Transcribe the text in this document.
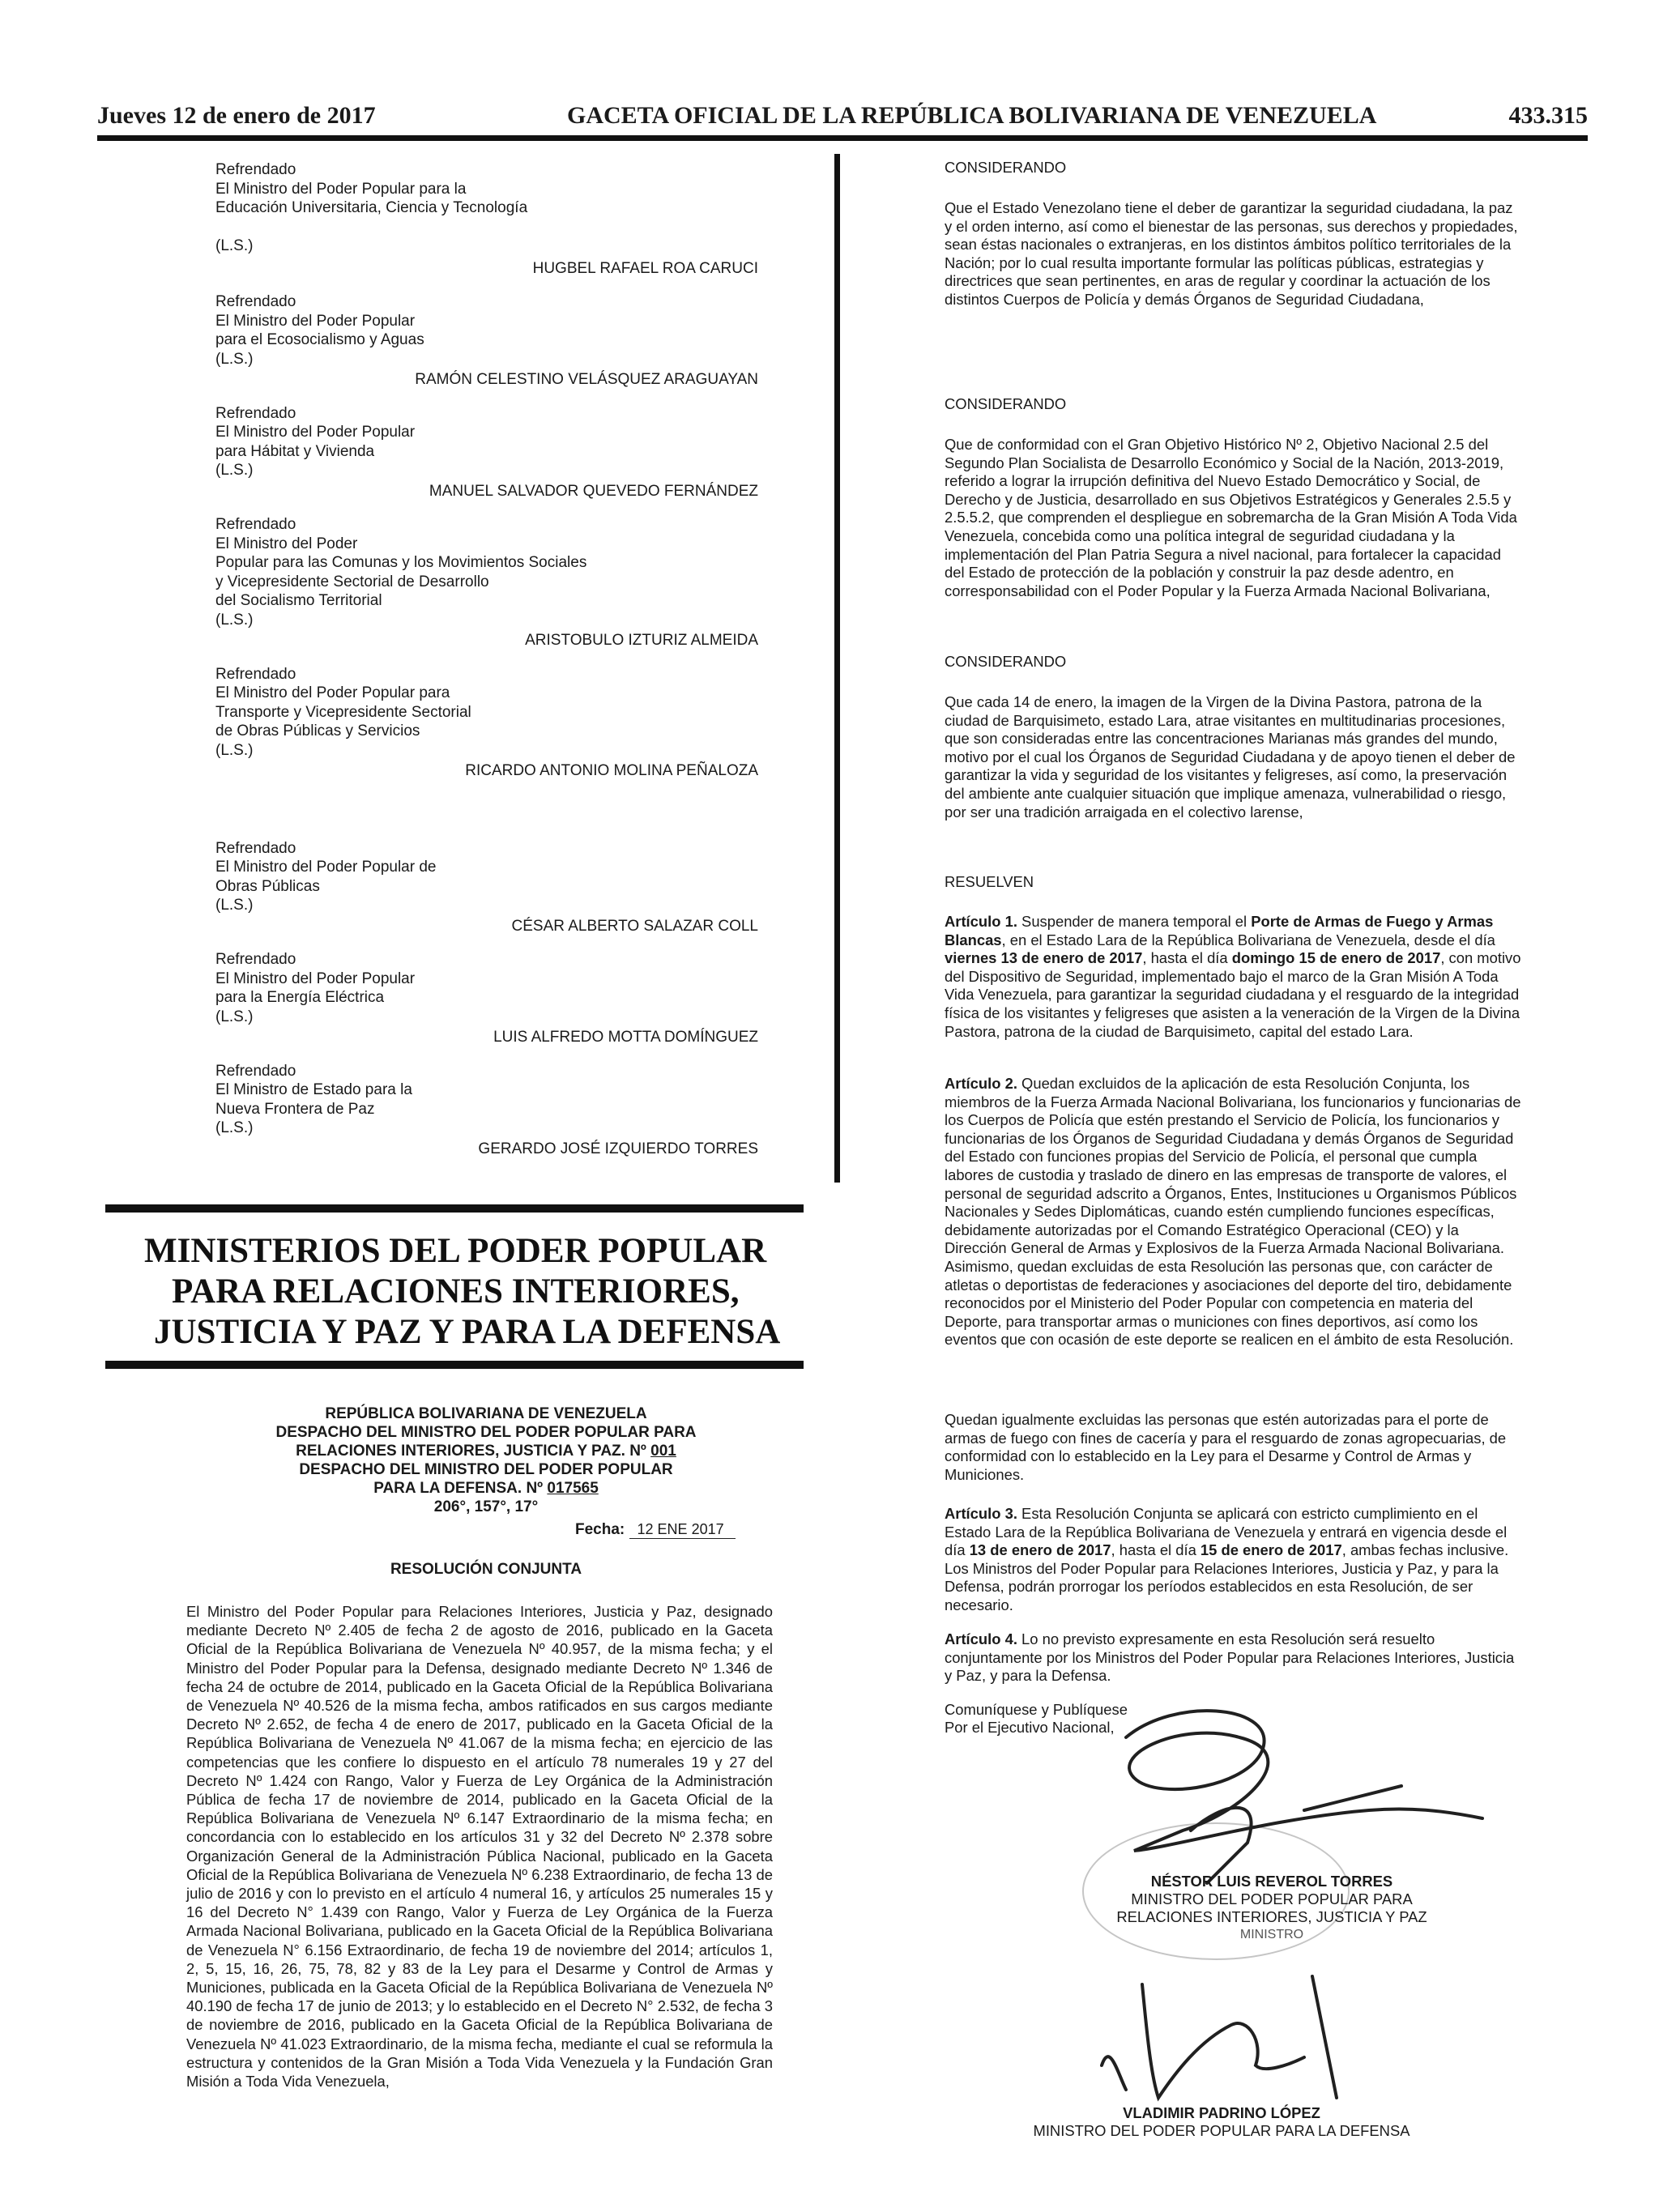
Jueves 12 de enero de 2017	GACETA OFICIAL DE LA REPÚBLICA BOLIVARIANA DE VENEZUELA	433.315
Refrendado
El Ministro del Poder Popular para la
Educación Universitaria, Ciencia y Tecnología
(L.S.)
HUGBEL RAFAEL ROA CARUCI
Refrendado
El Ministro del Poder Popular
para el Ecosocialismo y Aguas
(L.S.)
RAMÓN CELESTINO VELÁSQUEZ ARAGUAYAN
Refrendado
El Ministro del Poder Popular
para Hábitat y Vivienda
(L.S.)
MANUEL SALVADOR QUEVEDO FERNÁNDEZ
Refrendado
El Ministro del Poder
Popular para las Comunas y los Movimientos Sociales
y Vicepresidente Sectorial de Desarrollo
del Socialismo Territorial
(L.S.)
ARISTOBULO IZTURIZ ALMEIDA
Refrendado
El Ministro del Poder Popular para
Transporte y Vicepresidente Sectorial
de Obras Públicas y Servicios
(L.S.)
RICARDO ANTONIO MOLINA PEÑALOZA
Refrendado
El Ministro del Poder Popular de
Obras Públicas
(L.S.)
CÉSAR ALBERTO SALAZAR COLL
Refrendado
El Ministro del Poder Popular
para la Energía Eléctrica
(L.S.)
LUIS ALFREDO MOTTA DOMÍNGUEZ
Refrendado
El Ministro de Estado para la
Nueva Frontera de Paz
(L.S.)
GERARDO JOSÉ IZQUIERDO TORRES
MINISTERIOS DEL PODER POPULAR
PARA RELACIONES INTERIORES,
JUSTICIA Y PAZ Y PARA LA DEFENSA
REPÚBLICA BOLIVARIANA DE VENEZUELA
DESPACHO DEL MINISTRO DEL PODER POPULAR PARA
RELACIONES INTERIORES, JUSTICIA Y PAZ. Nº 001
DESPACHO DEL MINISTRO DEL PODER POPULAR
PARA LA DEFENSA. Nº 017565
206°, 157°, 17°
Fecha: 12 ENE 2017
RESOLUCIÓN CONJUNTA

El Ministro del Poder Popular para Relaciones Interiores, Justicia y Paz, designado mediante Decreto Nº 2.405 de fecha 2 de agosto de 2016, publicado en la Gaceta Oficial de la República Bolivariana de Venezuela Nº 40.957, de la misma fecha; y el Ministro del Poder Popular para la Defensa, designado mediante Decreto Nº 1.346 de fecha 24 de octubre de 2014, publicado en la Gaceta Oficial de la República Bolivariana de Venezuela Nº 40.526 de la misma fecha, ambos ratificados en sus cargos mediante Decreto Nº 2.652, de fecha 4 de enero de 2017, publicado en la Gaceta Oficial de la República Bolivariana de Venezuela Nº 41.067 de la misma fecha; en ejercicio de las competencias que les confiere lo dispuesto en el artículo 78 numerales 19 y 27 del Decreto Nº 1.424 con Rango, Valor y Fuerza de Ley Orgánica de la Administración Pública de fecha 17 de noviembre de 2014, publicado en la Gaceta Oficial de la República Bolivariana de Venezuela Nº 6.147 Extraordinario de la misma fecha; en concordancia con lo establecido en los artículos 31 y 32 del Decreto Nº 2.378 sobre Organización General de la Administración Pública Nacional, publicado en la Gaceta Oficial de la República Bolivariana de Venezuela Nº 6.238 Extraordinario, de fecha 13 de julio de 2016 y con lo previsto en el artículo 4 numeral 16, y artículos 25 numerales 15 y 16 del Decreto N° 1.439 con Rango, Valor y Fuerza de Ley Orgánica de la Fuerza Armada Nacional Bolivariana, publicado en la Gaceta Oficial de la República Bolivariana de Venezuela N° 6.156 Extraordinario, de fecha 19 de noviembre del 2014; artículos 1, 2, 5, 15, 16, 26, 75, 78, 82 y 83 de la Ley para el Desarme y Control de Armas y Municiones, publicada en la Gaceta Oficial de la República Bolivariana de Venezuela Nº 40.190 de fecha 17 de junio de 2013; y lo establecido en el Decreto N° 2.532, de fecha 3 de noviembre de 2016, publicado en la Gaceta Oficial de la República Bolivariana de Venezuela Nº 41.023 Extraordinario, de la misma fecha, mediante el cual se reformula la estructura y contenidos de la Gran Misión a Toda Vida Venezuela y la Fundación Gran Misión a Toda Vida Venezuela,

CONSIDERANDO

Que el Estado Venezolano tiene el deber de garantizar la seguridad ciudadana, la paz y el orden interno, así como el bienestar de las personas, sus derechos y propiedades, sean éstas nacionales o extranjeras, en los distintos ámbitos político territoriales de la Nación; por lo cual resulta importante formular las políticas públicas, estrategias y directrices que sean pertinentes, en aras de regular y coordinar la actuación de los distintos Cuerpos de Policía y demás Órganos de Seguridad Ciudadana,

CONSIDERANDO

Que de conformidad con el Gran Objetivo Histórico Nº 2, Objetivo Nacional 2.5 del Segundo Plan Socialista de Desarrollo Económico y Social de la Nación, 2013-2019, referido a lograr la irrupción definitiva del Nuevo Estado Democrático y Social, de Derecho y de Justicia, desarrollado en sus Objetivos Estratégicos y Generales 2.5.5 y 2.5.5.2, que comprenden el despliegue en sobremarcha de la Gran Misión A Toda Vida Venezuela, concebida como una política integral de seguridad ciudadana y la implementación del Plan Patria Segura a nivel nacional, para fortalecer la capacidad del Estado de protección de la población y construir la paz desde adentro, en corresponsabilidad con el Poder Popular y la Fuerza Armada Nacional Bolivariana,

CONSIDERANDO

Que cada 14 de enero, la imagen de la Virgen de la Divina Pastora, patrona de la ciudad de Barquisimeto, estado Lara, atrae visitantes en multitudinarias procesiones, que son consideradas entre las concentraciones Marianas más grandes del mundo, motivo por el cual los Órganos de Seguridad Ciudadana y de apoyo tienen el deber de garantizar la vida y seguridad de los visitantes y feligreses, así como, la preservación del ambiente ante cualquier situación que implique amenaza, vulnerabilidad o riesgo, por ser una tradición arraigada en el colectivo larense,

RESUELVEN

Artículo 1. Suspender de manera temporal el Porte de Armas de Fuego y Armas Blancas, en el Estado Lara de la República Bolivariana de Venezuela, desde el día viernes 13 de enero de 2017, hasta el día domingo 15 de enero de 2017, con motivo del Dispositivo de Seguridad, implementado bajo el marco de la Gran Misión A Toda Vida Venezuela, para garantizar la seguridad ciudadana y el resguardo de la integridad física de los visitantes y feligreses que asisten a la veneración de la Virgen de la Divina Pastora, patrona de la ciudad de Barquisimeto, capital del estado Lara.

Artículo 2. Quedan excluidos de la aplicación de esta Resolución Conjunta, los miembros de la Fuerza Armada Nacional Bolivariana, los funcionarios y funcionarias de los Cuerpos de Policía que estén prestando el Servicio de Policía, los funcionarios y funcionarias de los Órganos de Seguridad Ciudadana y demás Órganos de Seguridad del Estado con funciones propias del Servicio de Policía, el personal que cumpla labores de custodia y traslado de dinero en las empresas de transporte de valores, el personal de seguridad adscrito a Órganos, Entes, Instituciones u Organismos Públicos Nacionales y Sedes Diplomáticas, cuando estén cumpliendo funciones específicas, debidamente autorizadas por el Comando Estratégico Operacional (CEO) y la Dirección General de Armas y Explosivos de la Fuerza Armada Nacional Bolivariana. Asimismo, quedan excluidas de esta Resolución las personas que, con carácter de atletas o deportistas de federaciones y asociaciones del deporte del tiro, debidamente reconocidos por el Ministerio del Poder Popular con competencia en materia del Deporte, para transportar armas o municiones con fines deportivos, así como los eventos que con ocasión de este deporte se realicen en el ámbito de esta Resolución.

Quedan igualmente excluidas las personas que estén autorizadas para el porte de armas de fuego con fines de cacería y para el resguardo de zonas agropecuarias, de conformidad con lo establecido en la Ley para el Desarme y Control de Armas y Municiones.

Artículo 3. Esta Resolución Conjunta se aplicará con estricto cumplimiento en el Estado Lara de la República Bolivariana de Venezuela y entrará en vigencia desde el día 13 de enero de 2017, hasta el día 15 de enero de 2017, ambas fechas inclusive. Los Ministros del Poder Popular para Relaciones Interiores, Justicia y Paz, y para la Defensa, podrán prorrogar los períodos establecidos en esta Resolución, de ser necesario.

Artículo 4. Lo no previsto expresamente en esta Resolución será resuelto conjuntamente por los Ministros del Poder Popular para Relaciones Interiores, Justicia y Paz, y para la Defensa.

Comuníquese y Publíquese
Por el Ejecutivo Nacional,
NÉSTOR LUIS REVEROL TORRES
MINISTRO DEL PODER POPULAR PARA
RELACIONES INTERIORES, JUSTICIA Y PAZ
MINISTRO
VLADIMIR PADRINO LÓPEZ
MINISTRO DEL PODER POPULAR PARA LA DEFENSA
